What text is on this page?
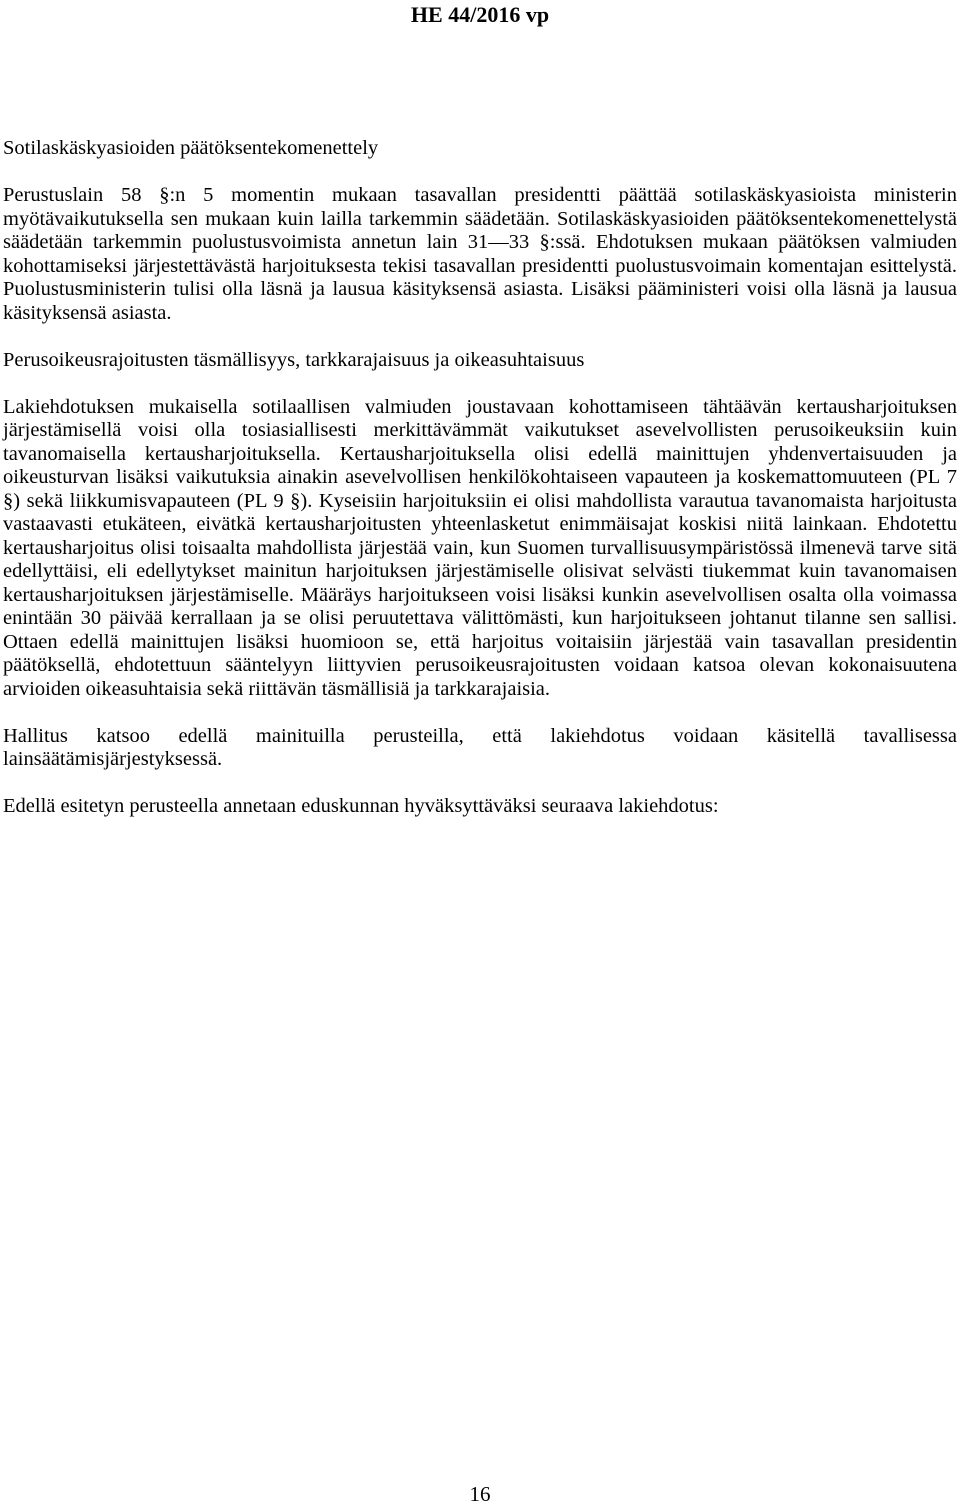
HE 44/2016 vp

Sotilaskäskyasioiden päätöksentekomenettely

Perustuslain 58 §:n 5 momentin mukaan tasavallan presidentti päättää sotilaskäskyasioista ministerin myötävaikutuksella sen mukaan kuin lailla tarkemmin säädetään. Sotilaskäskyasioiden päätöksentekomenettelystä säädetään tarkemmin puolustusvoimista annetun lain 31—33 §:ssä. Ehdotuksen mukaan päätöksen valmiuden kohottamiseksi järjestettävästä harjoituksesta tekisi tasavallan presidentti puolustusvoimain komentajan esittelystä. Puolustusministerin tulisi olla läsnä ja lausua käsityksensä asiasta. Lisäksi pääministeri voisi olla läsnä ja lausua käsityksensä asiasta.

Perusoikeusrajoitusten täsmällisyys, tarkkarajaisuus ja oikeasuhtaisuus

Lakiehdotuksen mukaisella sotilaallisen valmiuden joustavaan kohottamiseen tähtäävän kertausharjoituksen järjestämisellä voisi olla tosiasiallisesti merkittävämmät vaikutukset asevelvollisten perusoikeuksiin kuin tavanomaisella kertausharjoituksella. Kertausharjoituksella olisi edellä mainittujen yhdenvertaisuuden ja oikeusturvan lisäksi vaikutuksia ainakin asevelvollisen henkilökohtaiseen vapauteen ja koskemattomuuteen (PL 7 §) sekä liikkumisvapauteen (PL 9 §). Kyseisiin harjoituksiin ei olisi mahdollista varautua tavanomaista harjoitusta vastaavasti etukäteen, eivätkä kertausharjoitusten yhteenlasketut enimmäisajat koskisi niitä lainkaan. Ehdotettu kertausharjoitus olisi toisaalta mahdollista järjestää vain, kun Suomen turvallisuusympäristössä ilmenevä tarve sitä edellyttäisi, eli edellytykset mainitun harjoituksen järjestämiselle olisivat selvästi tiukemmat kuin tavanomaisen kertausharjoituksen järjestämiselle. Määräys harjoitukseen voisi lisäksi kunkin asevelvollisen osalta olla voimassa enintään 30 päivää kerrallaan ja se olisi peruutettava välittömästi, kun harjoitukseen johtanut tilanne sen sallisi. Ottaen edellä mainittujen lisäksi huomioon se, että harjoitus voitaisiin järjestää vain tasavallan presidentin päätöksellä, ehdotettuun sääntelyyn liittyvien perusoikeusrajoitusten voidaan katsoa olevan kokonaisuutena arvioiden oikeasuhtaisia sekä riittävän täsmällisiä ja tarkkarajaisia.

Hallitus katsoo edellä mainituilla perusteilla, että lakiehdotus voidaan käsitellä tavallisessa lainsäätämisjärjestyksessä.

Edellä esitetyn perusteella annetaan eduskunnan hyväksyttäväksi seuraava lakiehdotus:

16
